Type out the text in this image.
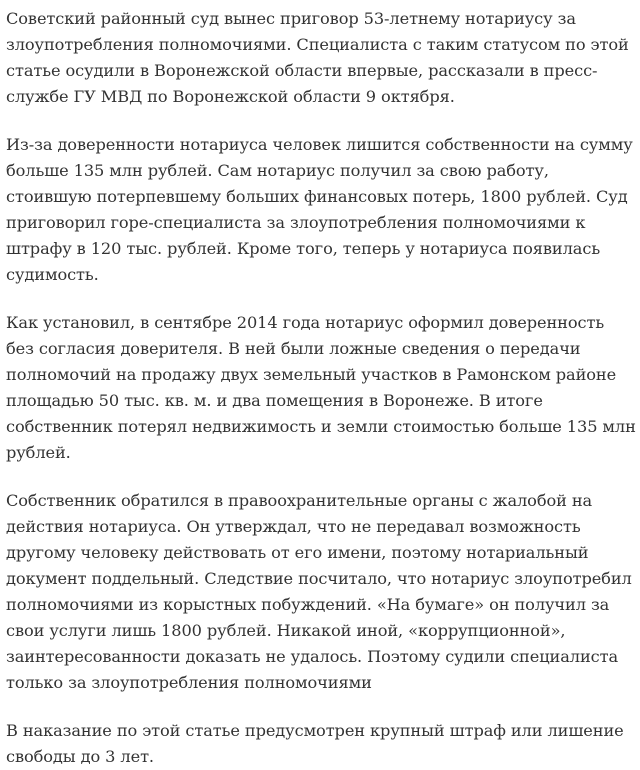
Советский районный суд вынес приговор 53-летнему нотариусу за злоупотребления полномочиями. Специалиста с таким статусом по этой статье осудили в Воронежской области впервые, рассказали в пресс-службе ГУ МВД по Воронежской области 9 октября.

Из-за доверенности нотариуса человек лишится собственности на сумму больше 135 млн рублей. Сам нотариус получил за свою работу, стоившую потерпевшему больших финансовых потерь, 1800 рублей. Суд приговорил горе-специалиста за злоупотребления полномочиями к штрафу в 120 тыс. рублей. Кроме того, теперь у нотариуса появилась судимость.

Как установил, в сентябре 2014 года нотариус оформил доверенность без согласия доверителя. В ней были ложные сведения о передачи полномочий на продажу двух земельный участков в Рамонском районе площадью 50 тыс. кв. м. и два помещения в Воронеже. В итоге собственник потерял недвижимость и земли стоимостью больше 135 млн рублей.

Собственник обратился в правоохранительные органы с жалобой на действия нотариуса. Он утверждал, что не передавал возможность другому человеку действовать от его имени, поэтому нотариальный документ поддельный. Следствие посчитало, что нотариус злоупотребил полномочиями из корыстных побуждений. «На бумаге» он получил за свои услуги лишь 1800 рублей. Никакой иной, «коррупционной», заинтересованности доказать не удалось. Поэтому судили специалиста только за злоупотребления полномочиями

В наказание по этой статье предусмотрен крупный штраф или лишение свободы до 3 лет.
